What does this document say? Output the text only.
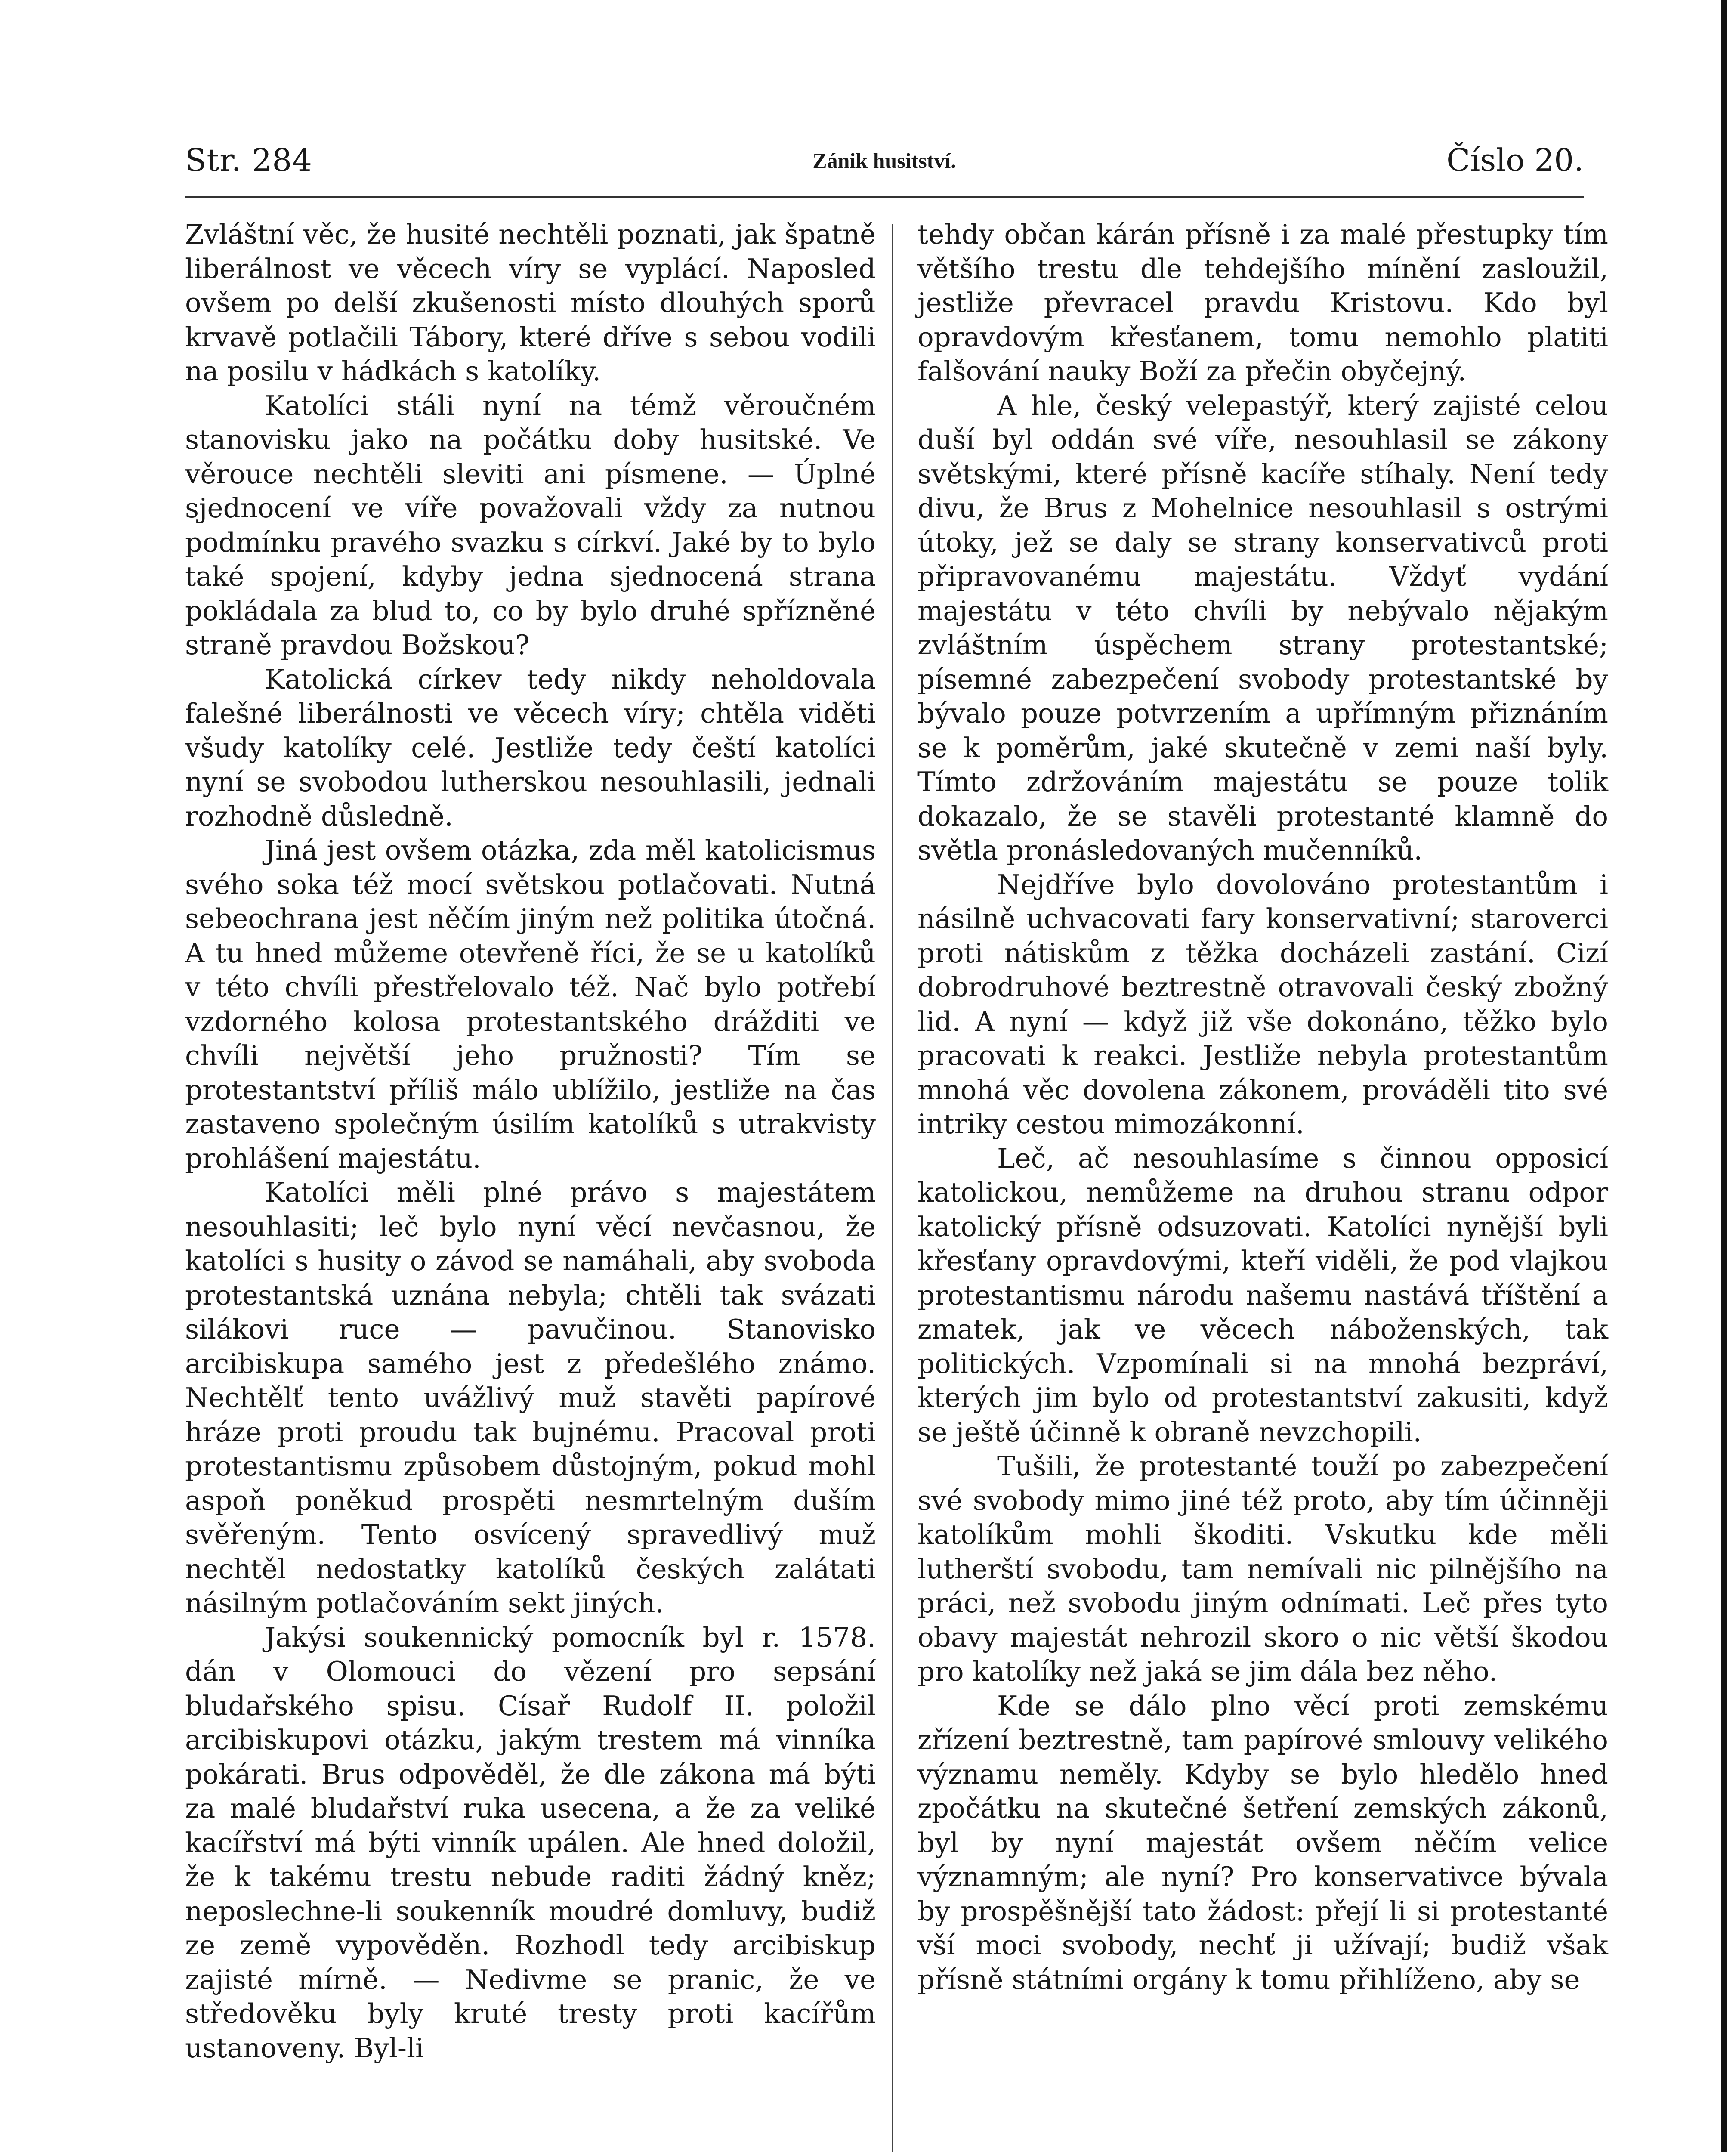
Str. 284	Zánik husitství.	Číslo 20.

Zvláštní věc, že husité nechtěli poznati, jak špatně liberálnost ve věcech víry se vyplácí. Naposled ovšem po delší zkušenosti místo dlouhých sporů krvavě potlačili Tábory, které dříve s sebou vodili na posilu v hádkách s katolíky.

Katolíci stáli nyní na témž věroučném stanovisku jako na počátku doby husitské. Ve věrouce nechtěli sleviti ani písmene. — Úplné sjednocení ve víře považovali vždy za nutnou podmínku pravého svazku s církví. Jaké by to bylo také spojení, kdyby jedna sjednocená strana pokládala za blud to, co by bylo druhé spřízněné straně pravdou Božskou?

Katolická církev tedy nikdy neholdovala falešné liberálnosti ve věcech víry; chtěla viděti všudy katolíky celé. Jestliže tedy čeští katolíci nyní se svobodou lutherskou nesouhlasili, jednali rozhodně důsledně.

Jiná jest ovšem otázka, zda měl katolicismus svého soka též mocí světskou potlačovati. Nutná sebeochrana jest něčím jiným než politika útočná. A tu hned můžeme otevřeně říci, že se u katolíků v této chvíli přestřelovalo též. Nač bylo potřebí vzdorného kolosa protestantského drážditi ve chvíli největší jeho pružnosti? Tím se protestantství příliš málo ublížilo, jestliže na čas zastaveno společným úsilím katolíků s utrakvisty prohlášení majestátu.

Katolíci měli plné právo s majestátem nesouhlasiti; leč bylo nyní věcí nevčasnou, že katolíci s husity o závod se namáhali, aby svoboda protestantská uznána nebyla; chtěli tak svázati silákovi ruce — pavučinou. Stanovisko arcibiskupa samého jest z předešlého známo. Nechtělť tento uvážlivý muž stavěti papírové hráze proti proudu tak bujnému. Pracoval proti protestantismu způsobem důstojným, pokud mohl aspoň poněkud prospěti nesmrtelným duším svěřeným. Tento osvícený spravedlivý muž nechtěl nedostatky katolíků českých zalátati násilným potlačováním sekt jiných.

Jakýsi soukennický pomocník byl r. 1578. dán v Olomouci do vězení pro sepsání bludařského spisu. Císař Rudolf II. položil arcibiskupovi otázku, jakým trestem má vinníka pokárati. Brus odpověděl, že dle zákona má býti za malé bludařství ruka useсena, a že za veliké kacířství má býti vinník upálen. Ale hned doložil, že k takému trestu nebude raditi žádný kněz; neposlechne-li soukenník moudré domluvy, budiž ze země vypověděn. Rozhodl tedy arcibiskup zajisté mírně. — Nedivme se pranic, že ve středověku byly kruté tresty proti kacířům ustanoveny. Byl-li

tehdy občan kárán přísně i za malé přestupky tím většího trestu dle tehdejšího mínění zasloužil, jestliže převracel pravdu Kristovu. Kdo byl opravdovým křesťanem, tomu nemohlo platiti falšování nauky Boží za přečin obyčejný.

A hle, český velepastýř, který zajisté celou duší byl oddán své víře, nesouhlasil se zákony světskými, které přísně kacíře stíhaly. Není tedy divu, že Brus z Mohelnice nesouhlasil s ostrými útoky, jež se daly se strany konservativců proti připravovanému majestátu. Vždyť vydání majestátu v této chvíli by nebývalo nějakým zvláštním úspěchem strany protestantské; písemné zabezpečení svobody protestantské by bývalo pouze potvrzením a upřímným přiznáním se k poměrům, jaké skutečně v zemi naší byly. Tímto zdržováním majestátu se pouze tolik dokazalo, že se stavěli protestanté klamně do světla pronásledovaných mučenníků.

Nejdříve bylo dovolováno protestantům i násilně uchvacovati fary konservativní; staroverci proti nátiskům z těžka docházeli zastání. Cizí dobrodruhové beztrestně otravovali český zbožný lid. A nyní — když již vše dokonáno, těžko bylo pracovati k reakci. Jestliže nebyla protestantům mnohá věc dovolena zákonem, prováděli tito své intriky cestou mimozákonní.

Leč, ač nesouhlasíme s činnou opposicí katolickou, nemůžeme na druhou stranu odpor katolický přísně odsuzovati. Katolíci nynější byli křesťany opravdovými, kteří viděli, že pod vlajkou protestantismu národu našemu nastává tříštění a zmatek, jak ve věcech náboženských, tak politických. Vzpomínali si na mnohá bezpráví, kterých jim bylo od protestantství zakusiti, když se ještě účinně k obraně nevzchopili.

Tušili, že protestanté touží po zabezpečení své svobody mimo jiné též proto, aby tím účinněji katolíkům mohli škoditi. Vskutku kde měli lutherští svobodu, tam nemívali nic pilnějšího na práci, než svobodu jiným odnímati. Leč přes tyto obavy majestát nehrozil skoro o nic větší škodou pro katolíky než jaká se jim dála bez něho.

Kde se dálo plno věcí proti zemskému zřízení beztrestně, tam papírové smlouvy velikého významu neměly. Kdyby se bylo hledělo hned zpočátku na skutečné šetření zemských zákonů, byl by nyní majestát ovšem něčím velice významným; ale nyní? Pro konservativce bývala by prospěšnější tato žádost: přejí li si protestanté vší moci svobody, nechť ji užívají; budiž však přísně státními orgány k tomu přihlíženo, aby se
